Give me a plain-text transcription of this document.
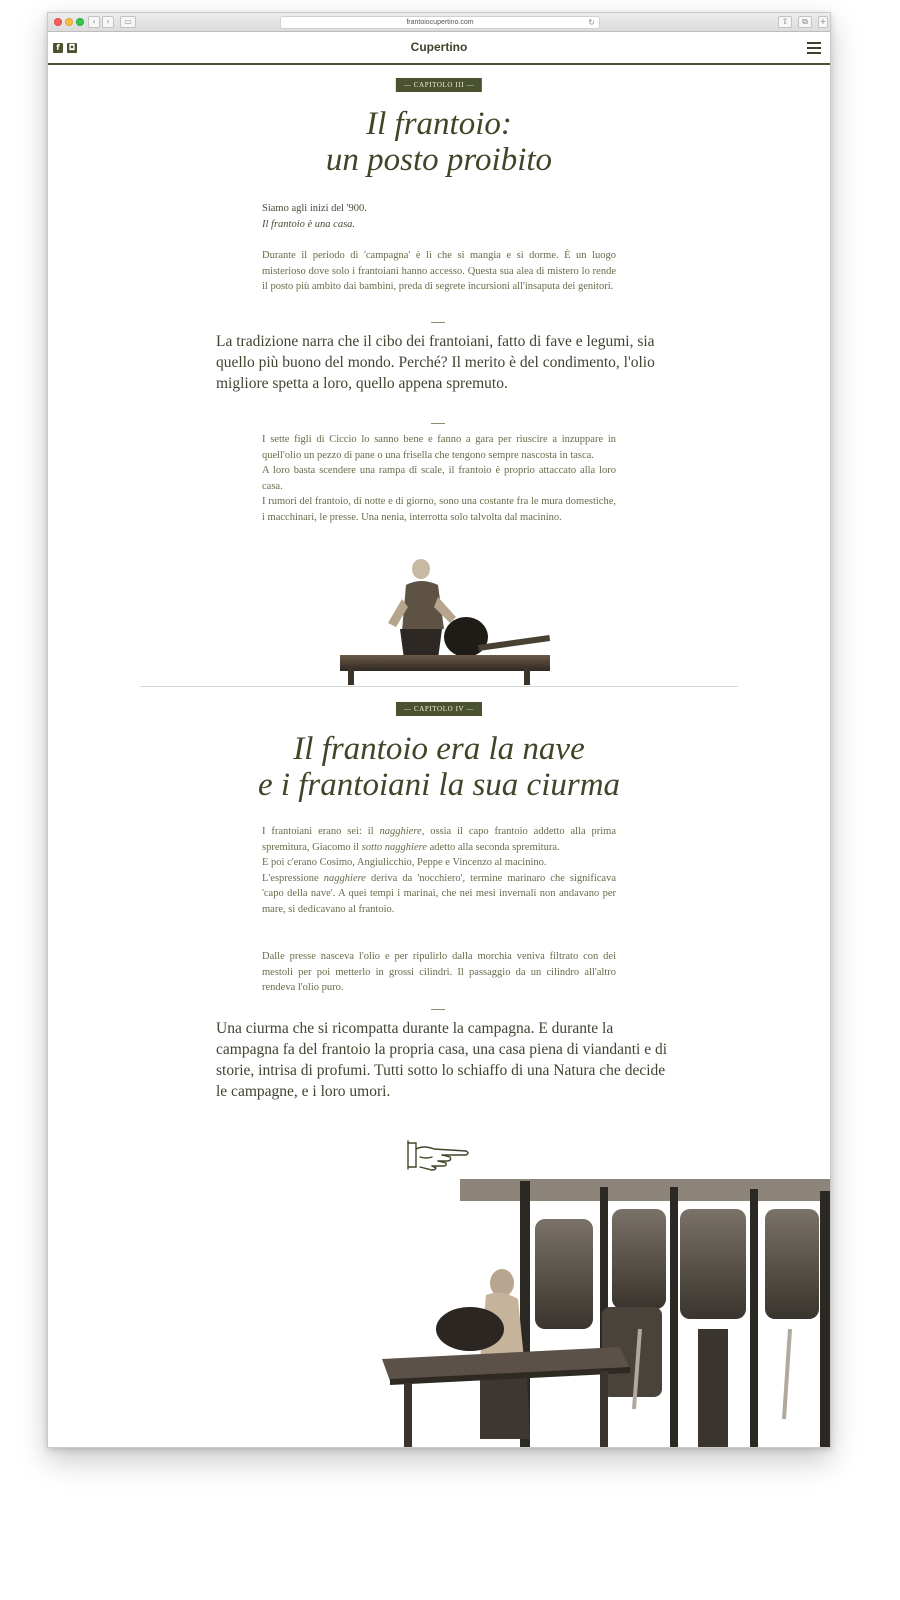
‹	›	▭	frantoiocupertino.com	↻	⇧	⧉	+
f	◘	Cupertino
— CAPITOLO III —
Il frantoio:
un posto proibito

Siamo agli inizi del '900.

Il frantoio è una casa.

Durante il periodo di 'campagna' è lì che si mangia e si dorme. È un luogo misterioso dove solo i frantoiani hanno accesso. Questa sua alea di mistero lo rende il posto più ambito dai bambini, preda di segrete incursioni all'insaputa dei genitori.

La tradizione narra che il cibo dei frantoiani, fatto di fave e legumi, sia quello più buono del mondo. Perché? Il merito è del condimento, l'olio migliore spetta a loro, quello appena spremuto.

I sette figli di Ciccio lo sanno bene e fanno a gara per riuscire a inzuppare in quell'olio un pezzo di pane o una frisella che tengono sempre nascosta in tasca.

A loro basta scendere una rampa di scale, il frantoio è proprio attaccato alla loro casa.

I rumori del frantoio, di notte e di giorno, sono una costante fra le mura domestiche, i macchinari, le presse. Una nenia, interrotta solo talvolta dal macinino.

— CAPITOLO IV —
Il frantoio era la nave
e i frantoiani la sua ciurma

I frantoiani erano sei: il nagghiere, ossia il capo frantoio addetto alla prima spremitura, Giacomo il sotto nagghiere adetto alla seconda spremitura.

E poi c'erano Cosimo, Angiulicchio, Peppe e Vincenzo al macinino.

L'espressione nagghiere deriva da 'nocchiero', termine marinaro che significava 'capo della nave'. A quei tempi i marinai, che nei mesi invernali non andavano per mare, si dedicavano al frantoio.

Dalle presse nasceva l'olio e per ripulirlo dalla morchia veniva filtrato con dei mestoli per poi metterlo in grossi cilindri. Il passaggio da un cilindro all'altro rendeva l'olio puro.

Una ciurma che si ricompatta durante la campagna. E durante la campagna fa del frantoio la propria casa, una casa piena di viandanti e di storie, intrisa di profumi. Tutti sotto lo schiaffo di una Natura che decide le campagne, e i loro umori.
